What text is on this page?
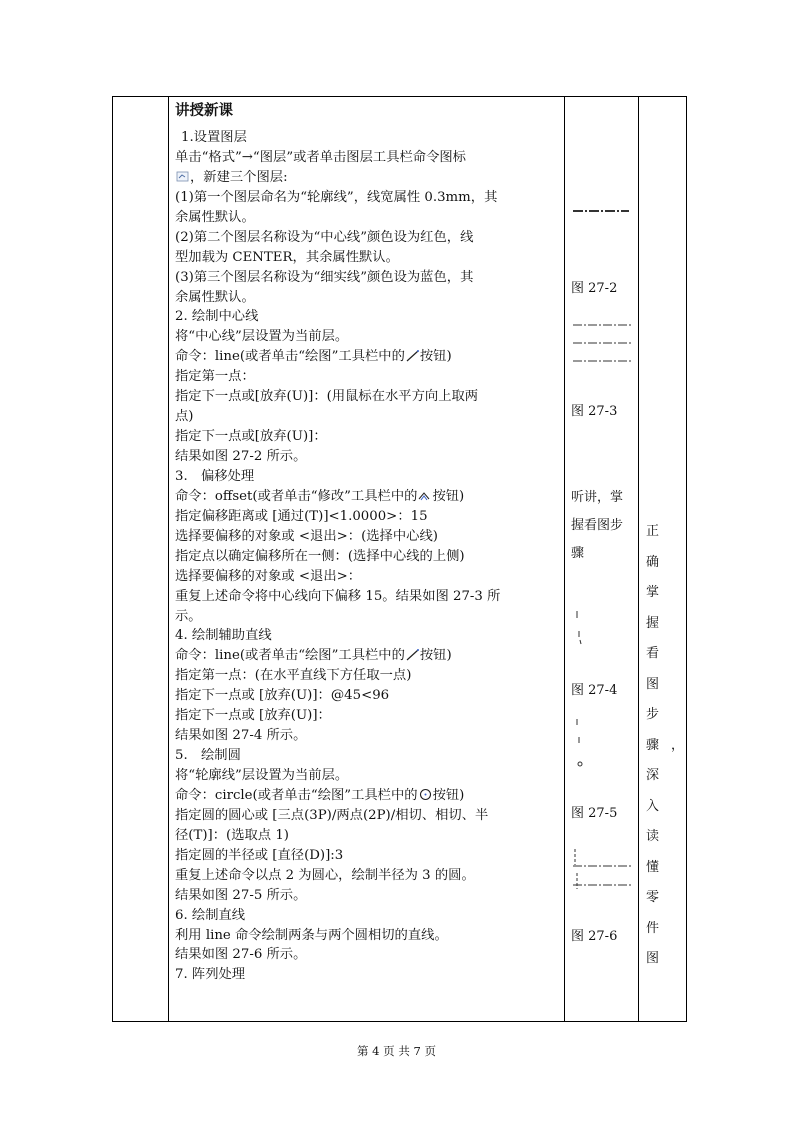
讲授新课
1.设置图层
单击“格式”→“图层”或者单击图层工具栏命令图标
，新建三个图层:
(1)第一个图层命名为“轮廓线”，线宽属性 0.3mm，其
余属性默认。
(2)第二个图层名称设为“中心线”颜色设为红色，线
型加载为 CENTER，其余属性默认。
(3)第三个图层名称设为“细实线”颜色设为蓝色，其
余属性默认。
2. 绘制中心线
将“中心线”层设置为当前层。
命令：line(或者单击“绘图”工具栏中的 按钮)
指定第一点：
指定下一点或[放弃(U)]：(用鼠标在水平方向上取两
点)
指定下一点或[放弃(U)]：
结果如图 27-2 所示。
3.　偏移处理
命令：offset(或者单击“修改”工具栏中的 按钮)
指定偏移距离或 [通过(T)]<1.0000>：15
选择要偏移的对象或 <退出>：(选择中心线)
指定点以确定偏移所在一侧：(选择中心线的上侧)
选择要偏移的对象或 <退出>：
重复上述命令将中心线向下偏移 15。结果如图 27-3 所
示。
4. 绘制辅助直线
命令：line(或者单击“绘图”工具栏中的 按钮)
指定第一点：(在水平直线下方任取一点)
指定下一点或 [放弃(U)]：@45<96
指定下一点或 [放弃(U)]：
结果如图 27-4 所示。
5.　绘制圆
将“轮廓线”层设置为当前层。
命令：circle(或者单击“绘图”工具栏中的 按钮)
指定圆的圆心或 [三点(3P)/两点(2P)/相切、相切、半
径(T)]：(选取点 1)
指定圆的半径或 [直径(D)]:3
重复上述命令以点 2 为圆心，绘制半径为 3 的圆。
结果如图 27-5 所示。
6. 绘制直线
利用 line 命令绘制两条与两个圆相切的直线。
结果如图 27-6 所示。
7. 阵列处理
图 27-2
图 27-3
听讲，掌握看图步骤
图 27-4
图 27-5
图 27-6
正确掌握看图步骤，深入读懂零件图
第 4 页 共 7 页
